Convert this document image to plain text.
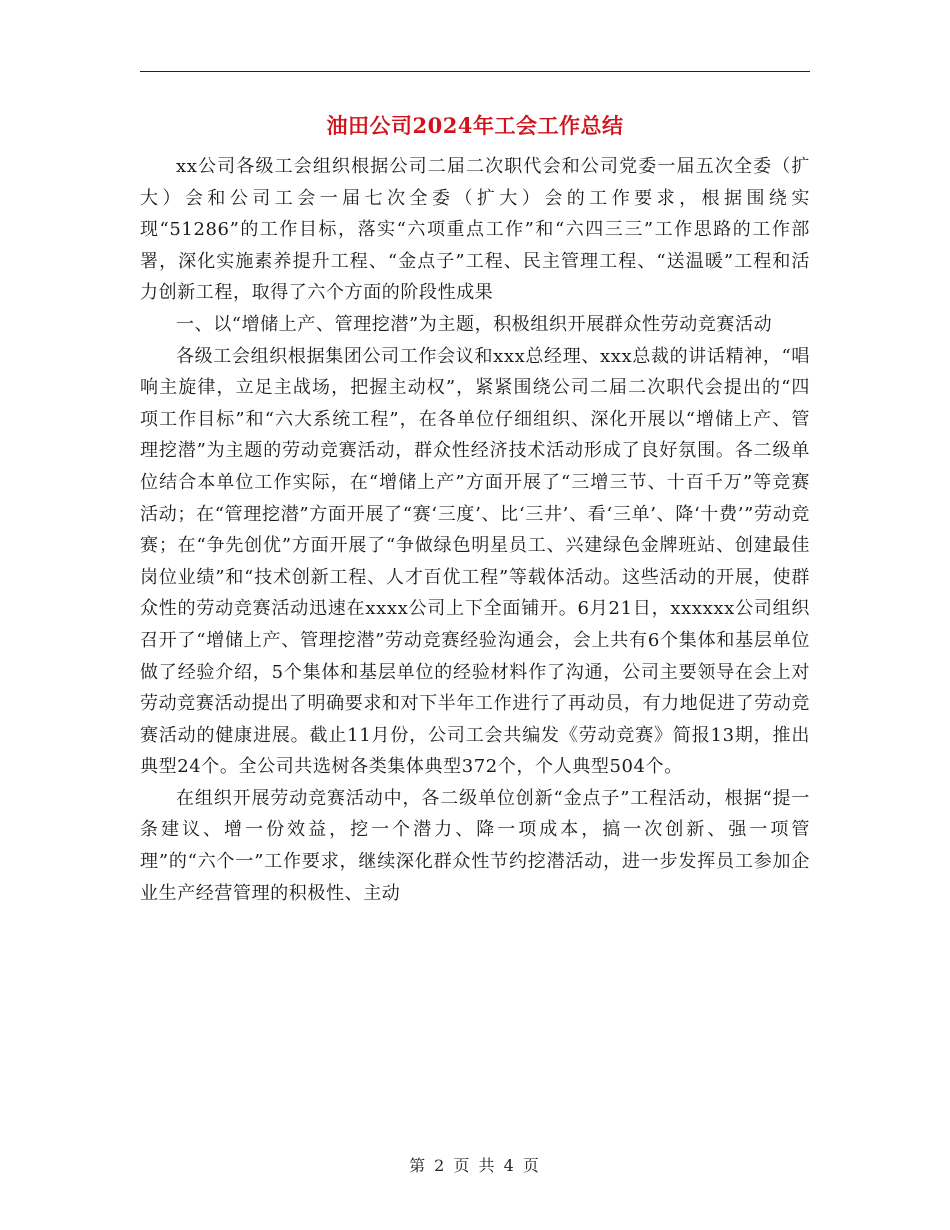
油田公司2024年工会工作总结

xx公司各级工会组织根据公司二届二次职代会和公司党委一届五次全委（扩大）会和公司工会一届七次全委（扩大）会的工作要求，根据围绕实现“51286”的工作目标，落实“六项重点工作”和“六四三三”工作思路的工作部署，深化实施素养提升工程、“金点子”工程、民主管理工程、“送温暖”工程和活力创新工程，取得了六个方面的阶段性成果

一、以“增储上产、管理挖潜”为主题，积极组织开展群众性劳动竞赛活动

各级工会组织根据集团公司工作会议和xxx总经理、xxx总裁的讲话精神，“唱响主旋律，立足主战场，把握主动权”，紧紧围绕公司二届二次职代会提出的“四项工作目标”和“六大系统工程”，在各单位仔细组织、深化开展以“增储上产、管理挖潜”为主题的劳动竞赛活动，群众性经济技术活动形成了良好氛围。各二级单位结合本单位工作实际，在“增储上产”方面开展了“三增三节、十百千万”等竞赛活动；在“管理挖潜”方面开展了“赛‘三度’、比‘三井’、看‘三单’、降‘十费’”劳动竞赛；在“争先创优”方面开展了“争做绿色明星员工、兴建绿色金牌班站、创建最佳岗位业绩”和“技术创新工程、人才百优工程”等载体活动。这些活动的开展，使群众性的劳动竞赛活动迅速在xxxx公司上下全面铺开。6月21日，xxxxxx公司组织召开了“增储上产、管理挖潜”劳动竞赛经验沟通会，会上共有6个集体和基层单位做了经验介绍，5个集体和基层单位的经验材料作了沟通，公司主要领导在会上对劳动竞赛活动提出了明确要求和对下半年工作进行了再动员，有力地促进了劳动竞赛活动的健康进展。截止11月份，公司工会共编发《劳动竞赛》简报13期，推出典型24个。全公司共选树各类集体典型372个，个人典型504个。

在组织开展劳动竞赛活动中，各二级单位创新“金点子”工程活动，根据“提一条建议、增一份效益，挖一个潜力、降一项成本，搞一次创新、强一项管理”的“六个一”工作要求，继续深化群众性节约挖潜活动，进一步发挥员工参加企业生产经营管理的积极性、主动

第 2 页 共 4 页
